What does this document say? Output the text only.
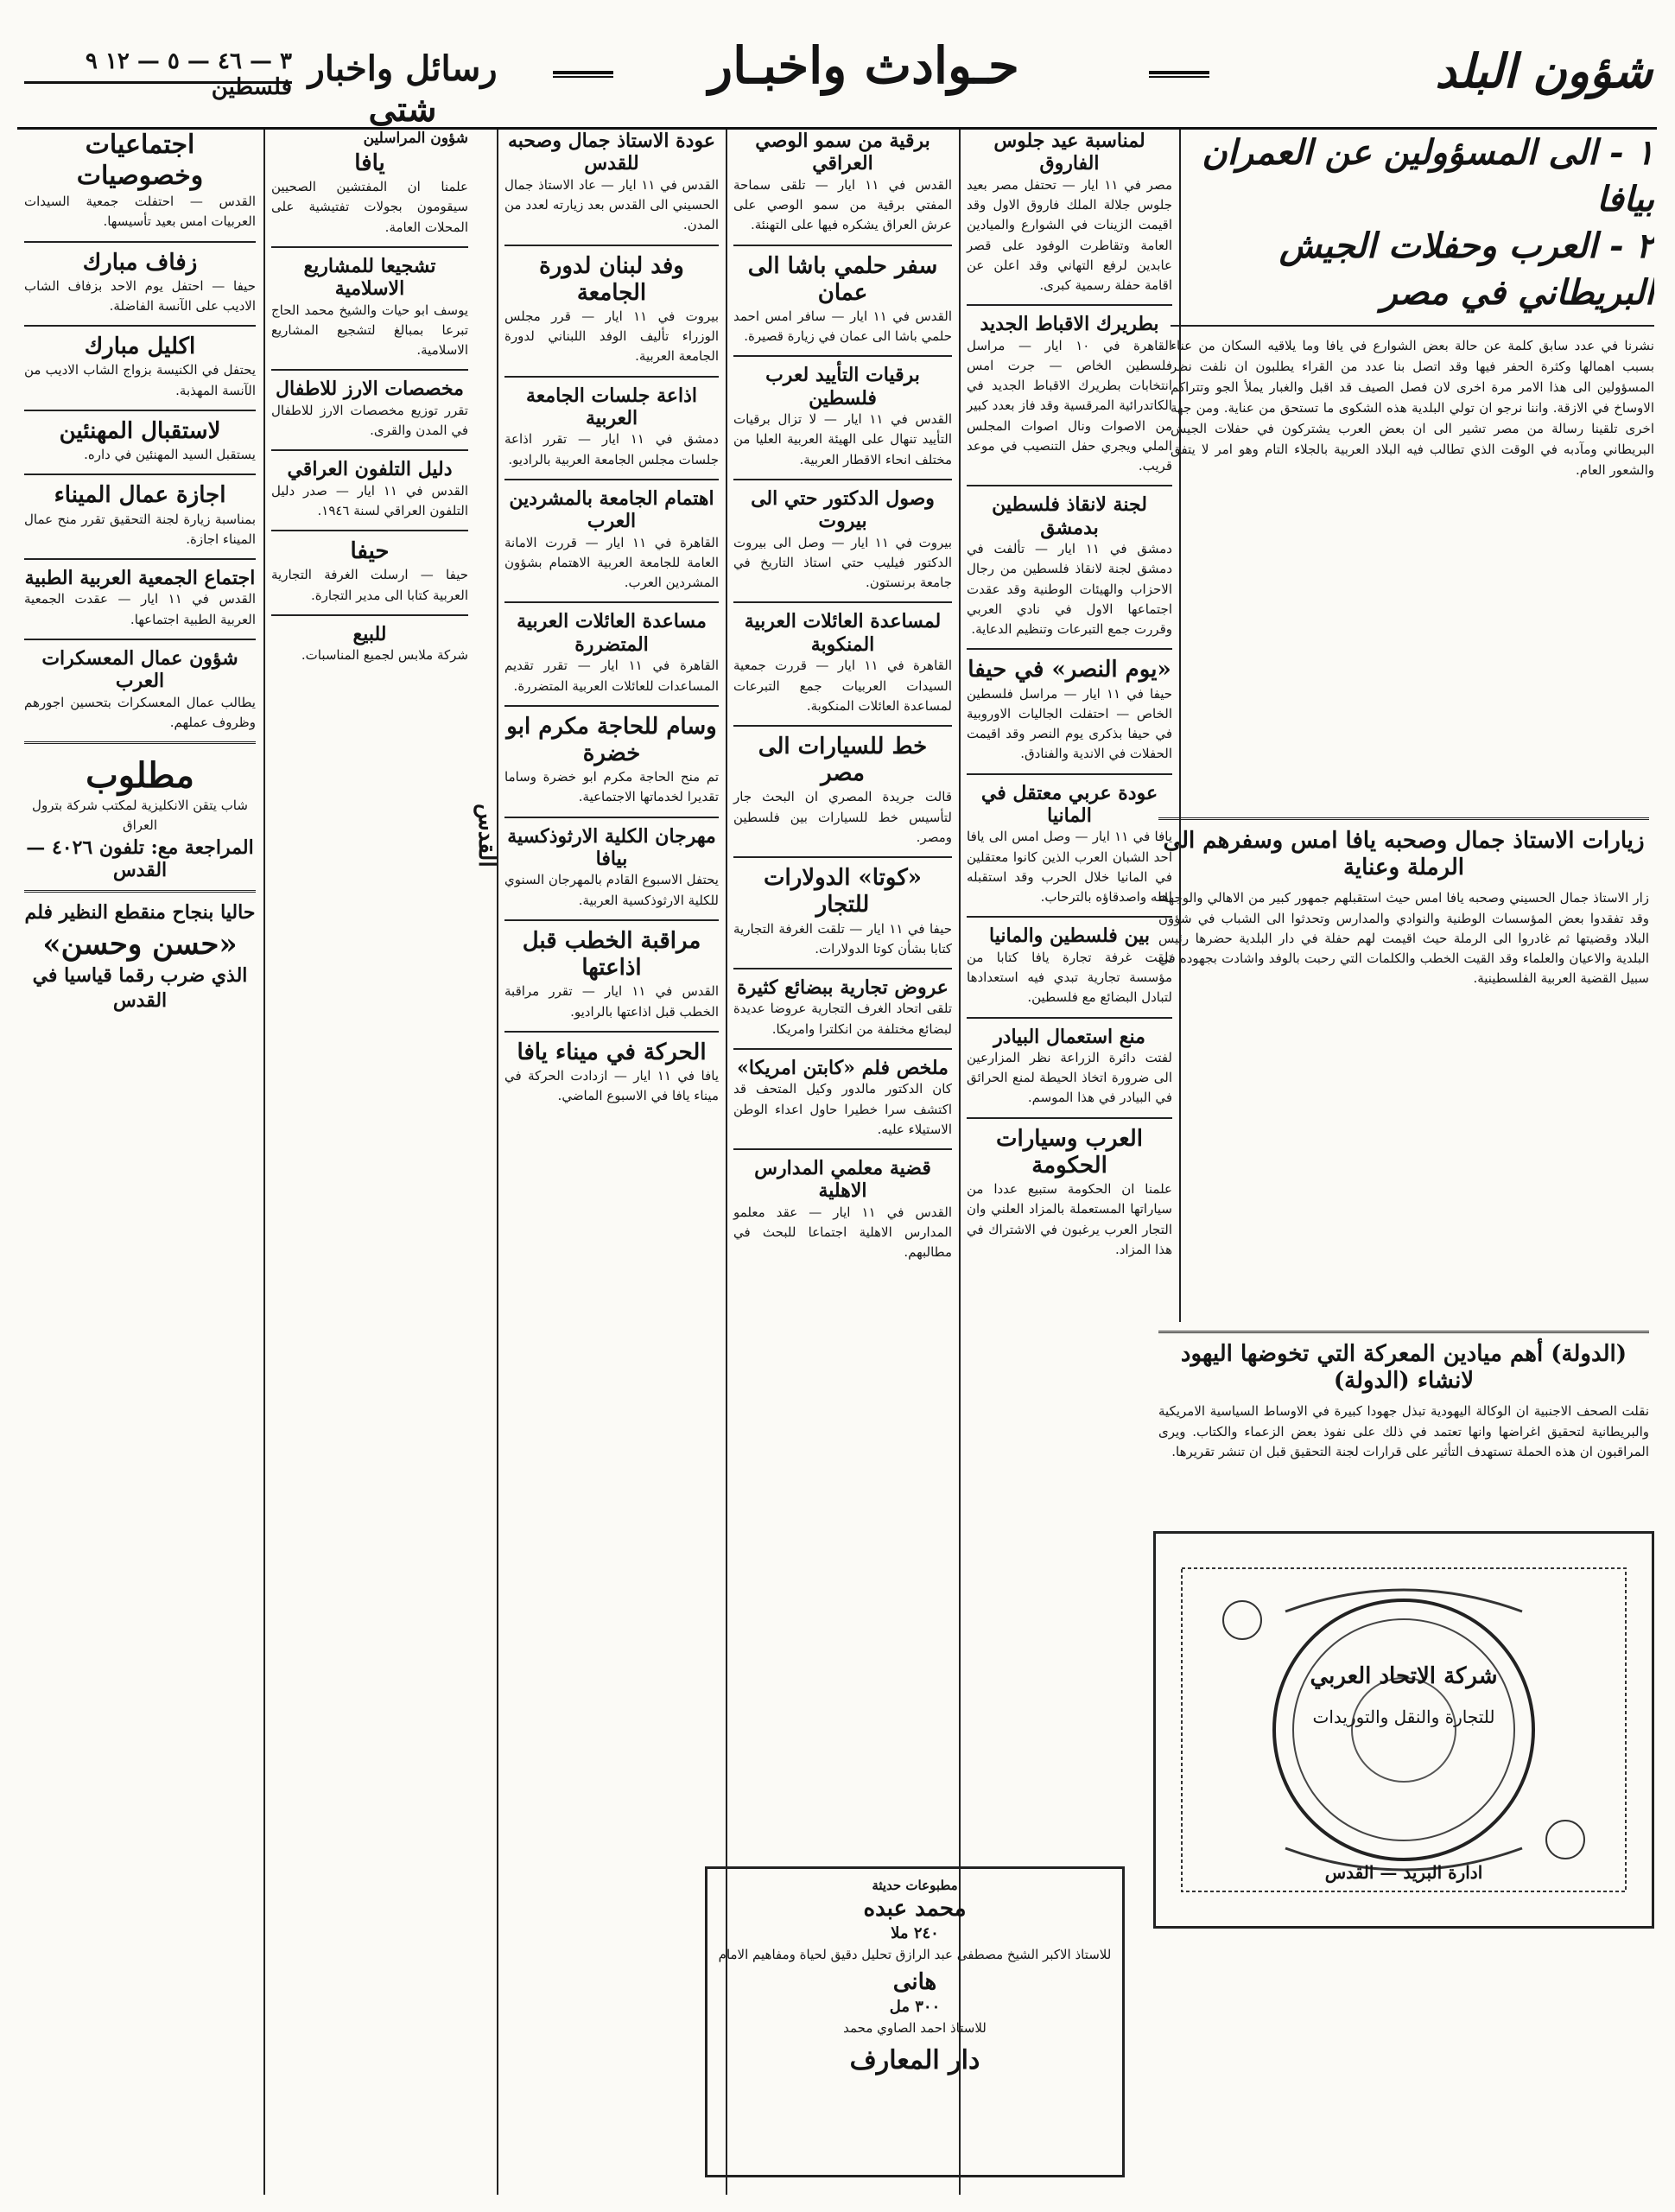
٣ — ٤٦ — ٥ — ١٢ ٩ فلسطين رسائل واخبار شتى
حـوادث واخبـار	شؤون البلد
١ - الى المسؤولين عن العمران بيافا
٢ - العرب وحفلات الجيش البريطاني في مصر
نشرنا في عدد سابق كلمة عن حالة بعض الشوارع في يافا وما يلاقيه السكان من عناء بسبب اهمالها وكثرة الحفر فيها وقد اتصل بنا عدد من القراء يطلبون ان نلفت نظر المسؤولين الى هذا الامر مرة اخرى لان فصل الصيف قد اقبل والغبار يملأ الجو وتتراكم الاوساخ في الازقة. واننا نرجو ان تولي البلدية هذه الشكوى ما تستحق من عناية. ومن جهة اخرى تلقينا رسالة من مصر تشير الى ان بعض العرب يشتركون في حفلات الجيش البريطاني ومآدبه في الوقت الذي تطالب فيه البلاد العربية بالجلاء التام وهو امر لا يتفق والشعور العام.
زيارات الاستاذ جمال وصحبه يافا امس وسفرهم الى الرملة وعناية
زار الاستاذ جمال الحسيني وصحبه يافا امس حيث استقبلهم جمهور كبير من الاهالي والوجهاء وقد تفقدوا بعض المؤسسات الوطنية والنوادي والمدارس وتحدثوا الى الشباب في شؤون البلاد وقضيتها ثم غادروا الى الرملة حيث اقيمت لهم حفلة في دار البلدية حضرها رئيس البلدية والاعيان والعلماء وقد القيت الخطب والكلمات التي رحبت بالوفد واشادت بجهوده في سبيل القضية العربية الفلسطينية.
(الدولة) أهم ميادين المعركة التي تخوضها اليهود لانشاء (الدولة)
نقلت الصحف الاجنبية ان الوكالة اليهودية تبذل جهودا كبيرة في الاوساط السياسية الامريكية والبريطانية لتحقيق اغراضها وانها تعتمد في ذلك على نفوذ بعض الزعماء والكتاب. ويرى المراقبون ان هذه الحملة تستهدف التأثير على قرارات لجنة التحقيق قبل ان تنشر تقريرها.
شركة الاتحاد العربي
للتجارة والنقل والتوريدات
ادارة البريد — القدس
لمناسبة عيد جلوس الفاروق
مصر في ١١ ايار — تحتفل مصر بعيد جلوس جلالة الملك فاروق الاول وقد اقيمت الزينات في الشوارع والميادين العامة وتقاطرت الوفود على قصر عابدين لرفع التهاني وقد اعلن عن اقامة حفلة رسمية كبرى.
بطريرك الاقباط الجديد
القاهرة في ١٠ ايار — مراسل فلسطين الخاص — جرت امس انتخابات بطريرك الاقباط الجديد في الكاتدرائية المرقسية وقد فاز بعدد كبير من الاصوات ونال اصوات المجلس الملي ويجري حفل التنصيب في موعد قريب.
لجنة لانقاذ فلسطين بدمشق
دمشق في ١١ ايار — تألفت في دمشق لجنة لانقاذ فلسطين من رجال الاحزاب والهيئات الوطنية وقد عقدت اجتماعها الاول في نادي العربي وقررت جمع التبرعات وتنظيم الدعاية.
«يوم النصر» في حيفا
حيفا في ١١ ايار — مراسل فلسطين الخاص — احتفلت الجاليات الاوروبية في حيفا بذكرى يوم النصر وقد اقيمت الحفلات في الاندية والفنادق.
عودة عربي معتقل في المانيا
يافا في ١١ ايار — وصل امس الى يافا احد الشبان العرب الذين كانوا معتقلين في المانيا خلال الحرب وقد استقبله اهله واصدقاؤه بالترحاب.
بين فلسطين والمانيا
تلقت غرفة تجارة يافا كتابا من مؤسسة تجارية تبدي فيه استعدادها لتبادل البضائع مع فلسطين.
منع استعمال البيادر
لفتت دائرة الزراعة نظر المزارعين الى ضرورة اتخاذ الحيطة لمنع الحرائق في البيادر في هذا الموسم.
العرب وسيارات الحكومة
علمنا ان الحكومة ستبيع عددا من سياراتها المستعملة بالمزاد العلني وان التجار العرب يرغبون في الاشتراك في هذا المزاد.
برقية من سمو الوصي العراقي
القدس في ١١ ايار — تلقى سماحة المفتي برقية من سمو الوصي على عرش العراق يشكره فيها على التهنئة.
سفر حلمي باشا الى عمان
القدس في ١١ ايار — سافر امس احمد حلمي باشا الى عمان في زيارة قصيرة.
برقيات التأييد لعرب فلسطين
القدس في ١١ ايار — لا تزال برقيات التأييد تنهال على الهيئة العربية العليا من مختلف انحاء الاقطار العربية.
وصول الدكتور حتي الى بيروت
بيروت في ١١ ايار — وصل الى بيروت الدكتور فيليب حتي استاذ التاريخ في جامعة برنستون.
لمساعدة العائلات العربية المنكوبة
القاهرة في ١١ ايار — قررت جمعية السيدات العربيات جمع التبرعات لمساعدة العائلات المنكوبة.
خط للسيارات الى مصر
قالت جريدة المصري ان البحث جار لتأسيس خط للسيارات بين فلسطين ومصر.
«كوتا» الدولارات للتجار
حيفا في ١١ ايار — تلقت الغرفة التجارية كتابا بشأن كوتا الدولارات.
عروض تجارية ببضائع كثيرة
تلقى اتحاد الغرف التجارية عروضا عديدة لبضائع مختلفة من انكلترا وامريكا.
ملخص فلم «كابتن امريكا»
كان الدكتور مالدور وكيل المتحف قد اكتشف سرا خطيرا حاول اعداء الوطن الاستيلاء عليه.
قضية معلمي المدارس الاهلية
القدس في ١١ ايار — عقد معلمو المدارس الاهلية اجتماعا للبحث في مطالبهم.
عودة الاستاذ جمال وصحبه للقدس
القدس في ١١ ايار — عاد الاستاذ جمال الحسيني الى القدس بعد زيارته لعدد من المدن.
وفد لبنان لدورة الجامعة
بيروت في ١١ ايار — قرر مجلس الوزراء تأليف الوفد اللبناني لدورة الجامعة العربية.
اذاعة جلسات الجامعة العربية
دمشق في ١١ ايار — تقرر اذاعة جلسات مجلس الجامعة العربية بالراديو.
اهتمام الجامعة بالمشردين العرب
القاهرة في ١١ ايار — قررت الامانة العامة للجامعة العربية الاهتمام بشؤون المشردين العرب.
مساعدة العائلات العربية المتضررة
القاهرة في ١١ ايار — تقرر تقديم المساعدات للعائلات العربية المتضررة.
وسام للحاجة مكرم ابو خضرة
تم منح الحاجة مكرم ابو خضرة وساما تقديرا لخدماتها الاجتماعية.
مهرجان الكلية الارثوذكسية بيافا
يحتفل الاسبوع القادم بالمهرجان السنوي للكلية الارثوذكسية العربية.
مراقبة الخطب قبل اذاعتها
القدس في ١١ ايار — تقرر مراقبة الخطب قبل اذاعتها بالراديو.
الحركة في ميناء يافا
يافا في ١١ ايار — ازدادت الحركة في ميناء يافا في الاسبوع الماضي.
القدس
شؤون المراسلين
يافا
علمنا ان المفتشين الصحيين سيقومون بجولات تفتيشية على المحلات العامة.
تشجيعا للمشاريع الاسلامية
يوسف ابو حيات والشيخ محمد الحاج تبرعا بمبالغ لتشجيع المشاريع الاسلامية.
مخصصات الارز للاطفال
تقرر توزيع مخصصات الارز للاطفال في المدن والقرى.
دليل التلفون العراقي
القدس في ١١ ايار — صدر دليل التلفون العراقي لسنة ١٩٤٦.
حيفا
حيفا — ارسلت الغرفة التجارية العربية كتابا الى مدير التجارة.
للبيع
شركة ملابس لجميع المناسبات.
اجتماعيات وخصوصيات
القدس — احتفلت جمعية السيدات العربيات امس بعيد تأسيسها.
زفاف مبارك
حيفا — احتفل يوم الاحد بزفاف الشاب الاديب على الآنسة الفاضلة.
اكليل مبارك
يحتفل في الكنيسة بزواج الشاب الاديب من الآنسة المهذبة.
لاستقبال المهنئين
يستقبل السيد المهنئين في داره.
اجازة عمال الميناء
بمناسبة زيارة لجنة التحقيق تقرر منح عمال الميناء اجازة.
اجتماع الجمعية العربية الطبية
القدس في ١١ ايار — عقدت الجمعية العربية الطبية اجتماعها.
شؤون عمال المعسكرات العرب
يطالب عمال المعسكرات بتحسين اجورهم وظروف عملهم.
مطلوب
شاب يتقن الانكليزية لمكتب شركة بترول العراق
المراجعة مع: تلفون ٤٠٢٦ — القدس
حاليا بنجاح منقطع النظير فلم
«حسن وحسن»
الذي ضرب رقما قياسيا في القدس
مطبوعات حديثة
محمد عبده
٢٤٠ ملا
للاستاذ الاكبر الشيخ مصطفى عبد الرازق تحليل دقيق لحياة ومفاهيم الامام
هانى
٣٠٠ مل
للاستاذ احمد الصاوي محمد
دار المعارف
